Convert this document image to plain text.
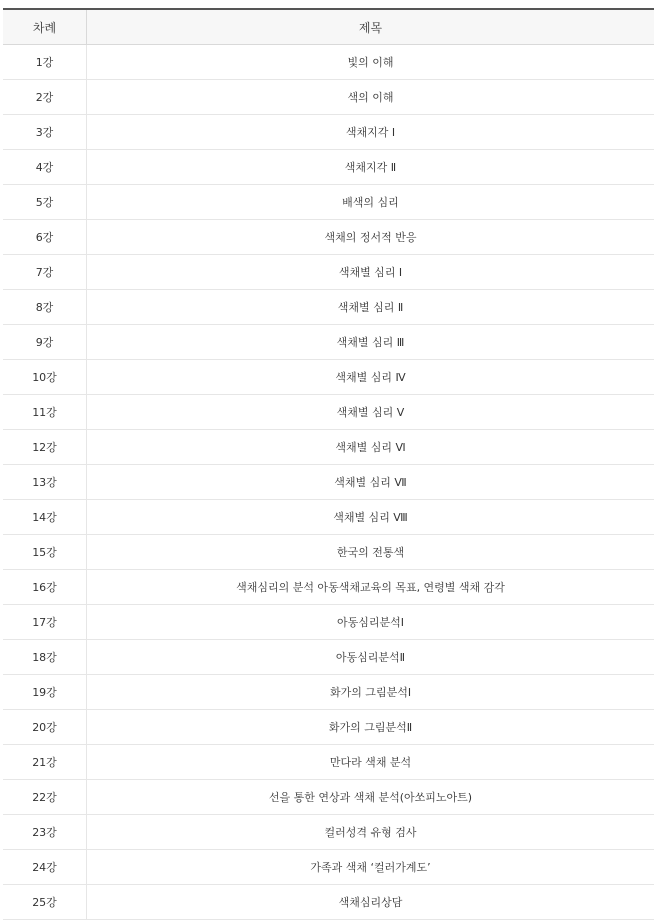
차례	제목
1강	빛의 이해
2강	색의 이해
3강	색채지각 Ⅰ
4강	색채지각 Ⅱ
5강	배색의 심리
6강	색채의 정서적 반응
7강	색채별 심리 Ⅰ
8강	색채별 심리 Ⅱ
9강	색채별 심리 Ⅲ
10강	색채별 심리 Ⅳ
11강	색채별 심리 Ⅴ
12강	색채별 심리 Ⅵ
13강	색채별 심리 Ⅶ
14강	색채별 심리 Ⅷ
15강	한국의 전통색
16강	색채심리의 분석 아동색채교육의 목표, 연령별 색채 감각
17강	아동심리분석Ⅰ
18강	아동심리분석Ⅱ
19강	화가의 그림분석Ⅰ
20강	화가의 그림분석Ⅱ
21강	만다라 색채 분석
22강	선을 통한 연상과 색채 분석(아쏘피노아트)
23강	컬러성격 유형 검사
24강	가족과 색채 ‘컬러가계도’
25강	색채심리상담
